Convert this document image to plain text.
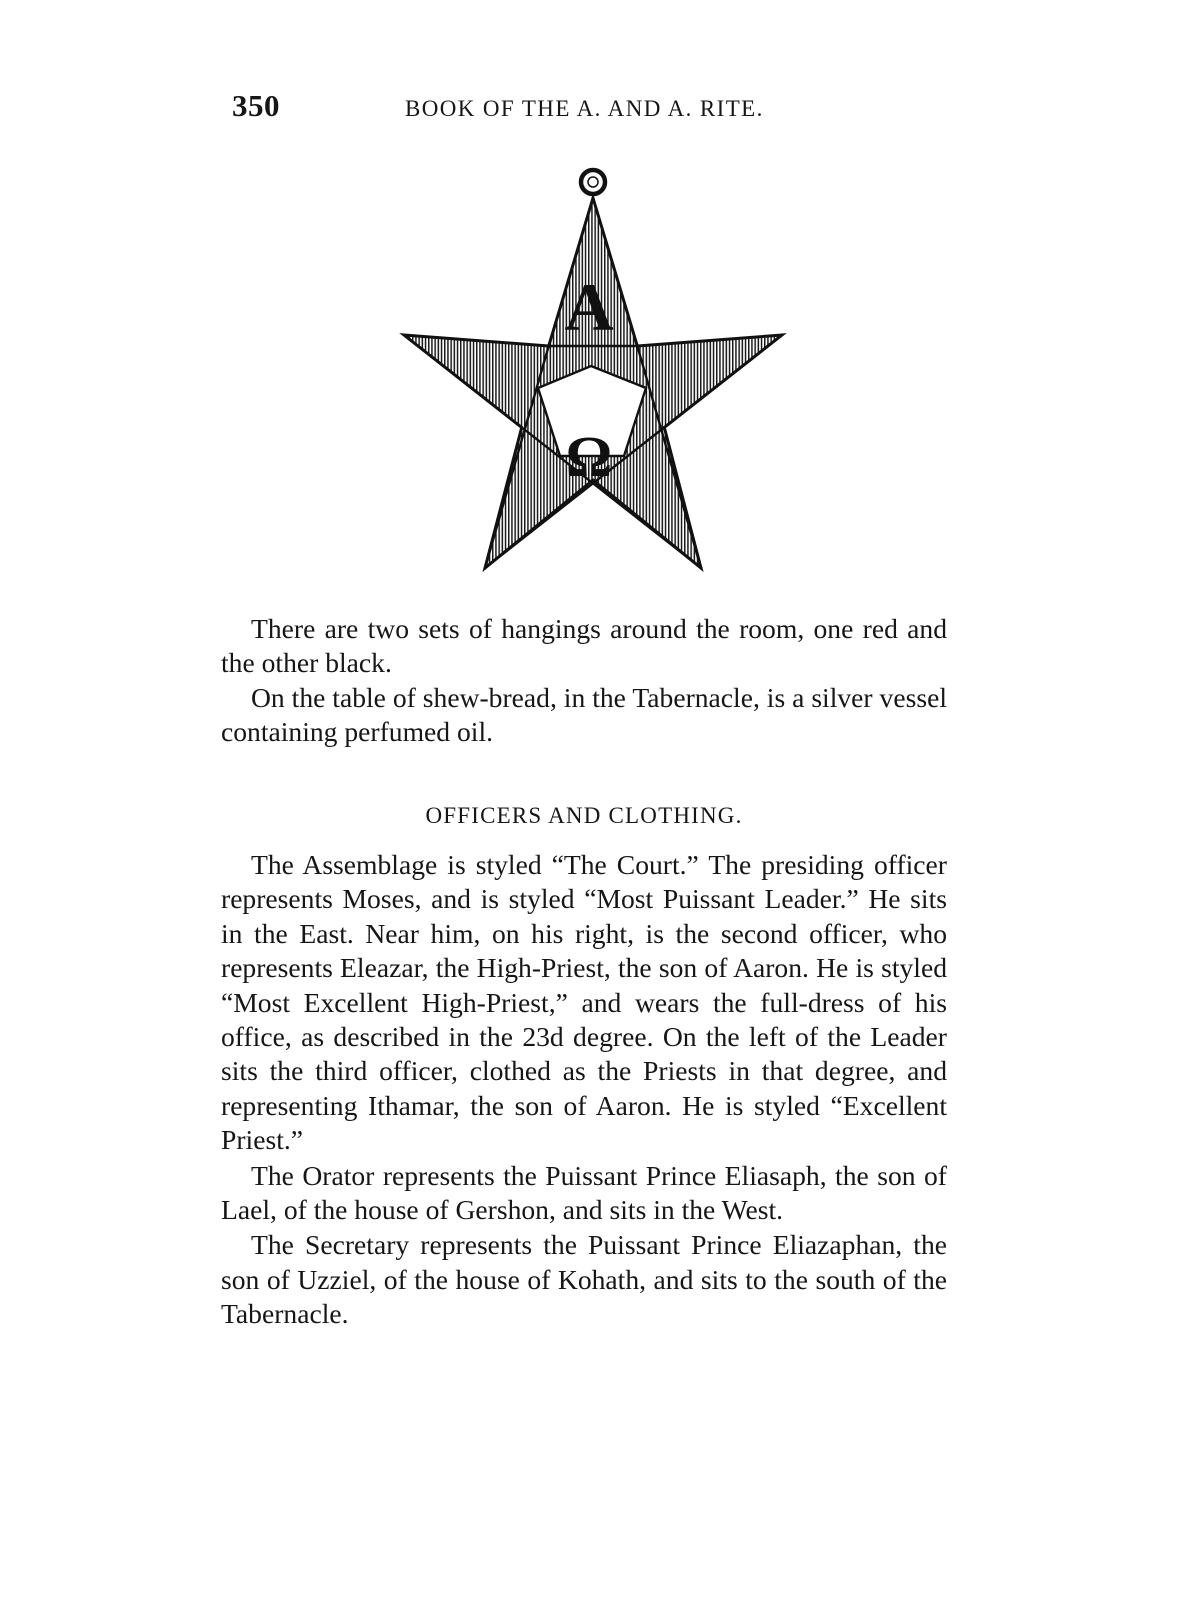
350	BOOK OF THE A. AND A. RITE.
A
Ω

There are two sets of hangings around the room, one red and the other black.

On the table of shew-bread, in the Tabernacle, is a silver vessel containing perfumed oil.

OFFICERS AND CLOTHING.

The Assemblage is styled “The Court.” The presiding officer represents Moses, and is styled “Most Puissant Leader.” He sits in the East. Near him, on his right, is the second officer, who represents Eleazar, the High-Priest, the son of Aaron. He is styled “Most Excellent High-Priest,” and wears the full-dress of his office, as described in the 23d degree. On the left of the Leader sits the third officer, clothed as the Priests in that degree, and representing Ithamar, the son of Aaron. He is styled “Excellent Priest.”

The Orator represents the Puissant Prince Eliasaph, the son of Lael, of the house of Gershon, and sits in the West.

The Secretary represents the Puissant Prince Eliazaphan, the son of Uzziel, of the house of Kohath, and sits to the south of the Tabernacle.
